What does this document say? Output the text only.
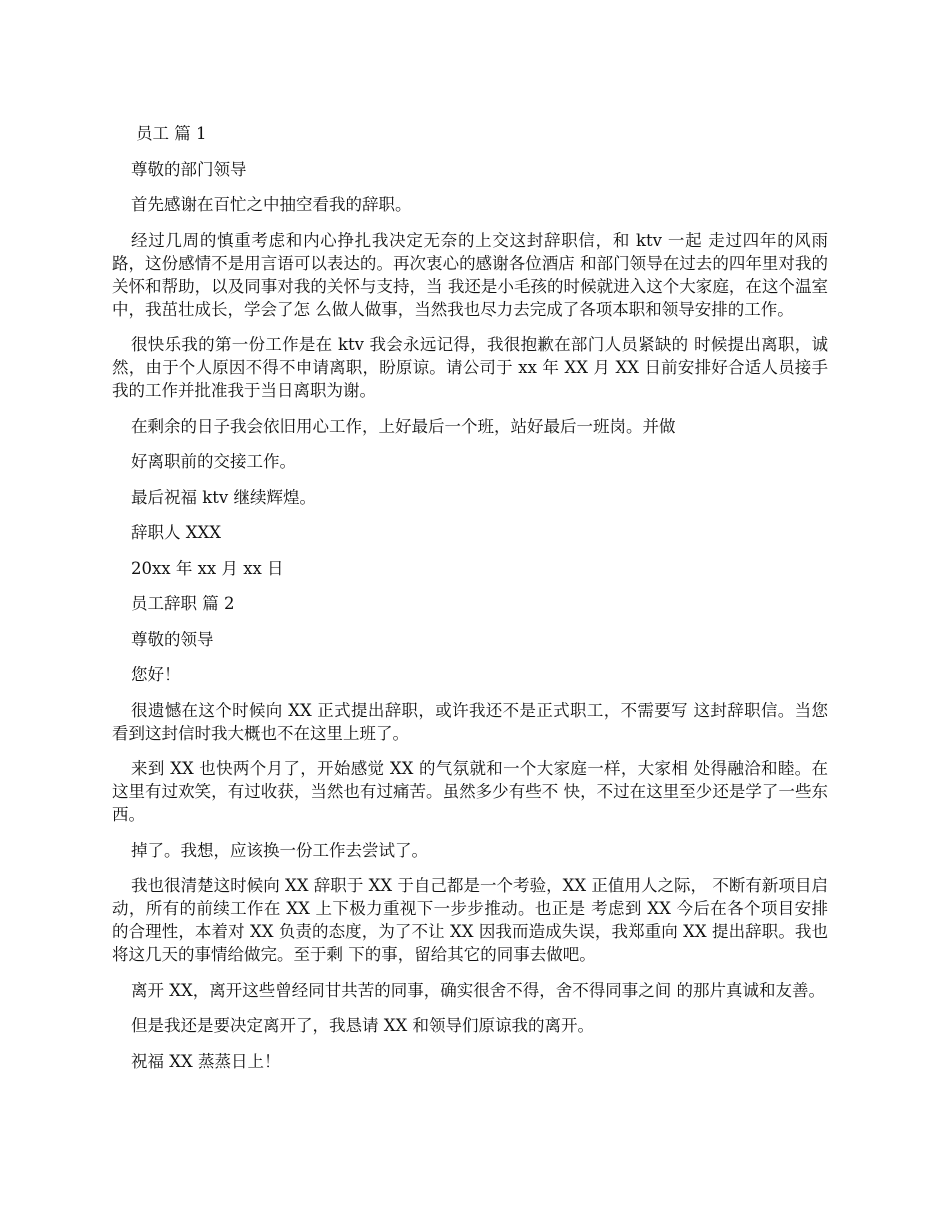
员工 篇 1

尊敬的部门领导

首先感谢在百忙之中抽空看我的辞职。

经过几周的慎重考虑和内心挣扎我决定无奈的上交这封辞职信，和 ktv 一起 走过四年的风雨路，这份感情不是用言语可以表达的。再次衷心的感谢各位酒店 和部门领导在过去的四年里对我的关怀和帮助，以及同事对我的关怀与支持，当 我还是小毛孩的时候就进入这个大家庭，在这个温室中，我茁壮成长，学会了怎 么做人做事，当然我也尽力去完成了各项本职和领导安排的工作。

很快乐我的第一份工作是在 ktv 我会永远记得，我很抱歉在部门人员紧缺的 时候提出离职，诚然，由于个人原因不得不申请离职，盼原谅。请公司于 xx 年 XX 月 XX 日前安排好合适人员接手我的工作并批准我于当日离职为谢。

在剩余的日子我会依旧用心工作，上好最后一个班，站好最后一班岗。并做

好离职前的交接工作。

最后祝福 ktv 继续辉煌。

辞职人 XXX

20xx 年 xx 月 xx 日

员工辞职 篇 2

尊敬的领导

您好！

很遗憾在这个时候向 XX 正式提出辞职，或许我还不是正式职工，不需要写 这封辞职信。当您看到这封信时我大概也不在这里上班了。

来到 XX 也快两个月了，开始感觉 XX 的气氛就和一个大家庭一样，大家相 处得融洽和睦。在这里有过欢笑，有过收获，当然也有过痛苦。虽然多少有些不 快，不过在这里至少还是学了一些东西。

掉了。我想，应该换一份工作去尝试了。

我也很清楚这时候向 XX 辞职于 XX 于自己都是一个考验，XX 正值用人之际， 不断有新项目启动，所有的前续工作在 XX 上下极力重视下一步步推动。也正是 考虑到 XX 今后在各个项目安排的合理性，本着对 XX 负责的态度，为了不让 XX 因我而造成失误，我郑重向 XX 提出辞职。我也将这几天的事情给做完。至于剩 下的事，留给其它的同事去做吧。

离开 XX，离开这些曾经同甘共苦的同事，确实很舍不得，舍不得同事之间 的那片真诚和友善。

但是我还是要决定离开了，我恳请 XX 和领导们原谅我的离开。

祝福 XX 蒸蒸日上！
